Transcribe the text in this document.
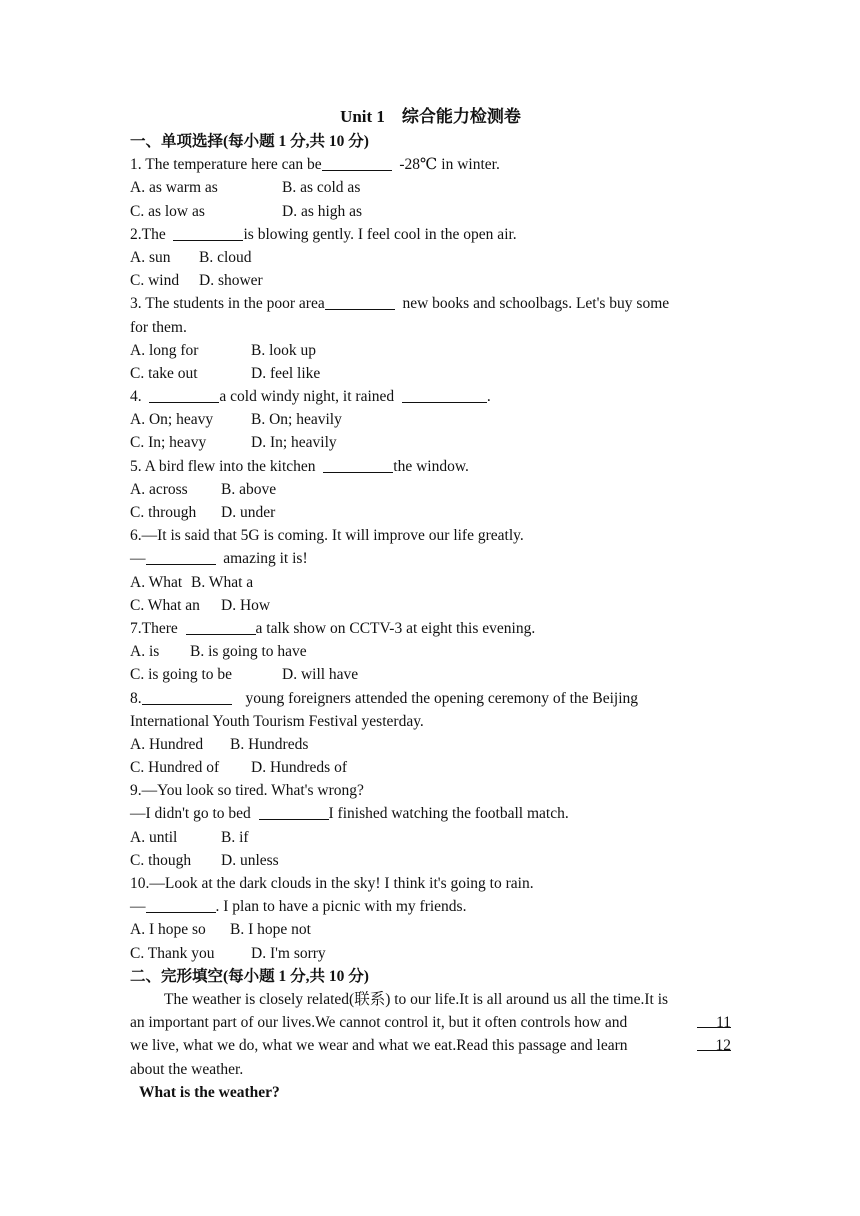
Unit 1　综合能力检测卷
一、单项选择(每小题 1 分,共 10 分)
1. The temperature here can be	-28℃ in winter.
A. as warm as	B. as cold as
C. as low as	D. as high as
2.The	is blowing gently. I feel cool in the open air.
A. sun B. cloud
C. wind D. shower
3. The students in the poor area	new books and schoolbags. Let's buy some
for them.
A. long for	B. look up
C. take out	D. feel like
4.	a cold windy night, it rained	.
A. On; heavy B. On; heavily
C. In; heavy	D. In; heavily
5. A bird flew into the kitchen	the window.
A. across B. above
C. through D. under
6.—It is said that 5G is coming. It will improve our life greatly.
—	amazing it is!
A. What B. What a
C. What an D. How
7.There	a talk show on CCTV-3 at eight this evening.
A. is B. is going to have
C. is going to be	D. will have
8.	young foreigners attended the opening ceremony of the Beijing
International Youth Tourism Festival yesterday.
A. Hundred B. Hundreds
C. Hundred of D. Hundreds of
9.—You look so tired. What's wrong?
—I didn't go to bed	I finished watching the football match.
A. until	B. if
C. though D. unless
10.—Look at the dark clouds in the sky! I think it's going to rain.
—	. I plan to have a picnic with my friends.
A. I hope so B. I hope not
C. Thank you D. I'm sorry
二、完形填空(每小题 1 分,共 10 分)
The weather is closely related(联系) to our life.It is all around us all the time.It is
an important part of our lives.We cannot control it, but it often controls how and	11
we live, what we do, what we wear and what we eat.Read this passage and learn	12
about the weather.
What is the weather?
